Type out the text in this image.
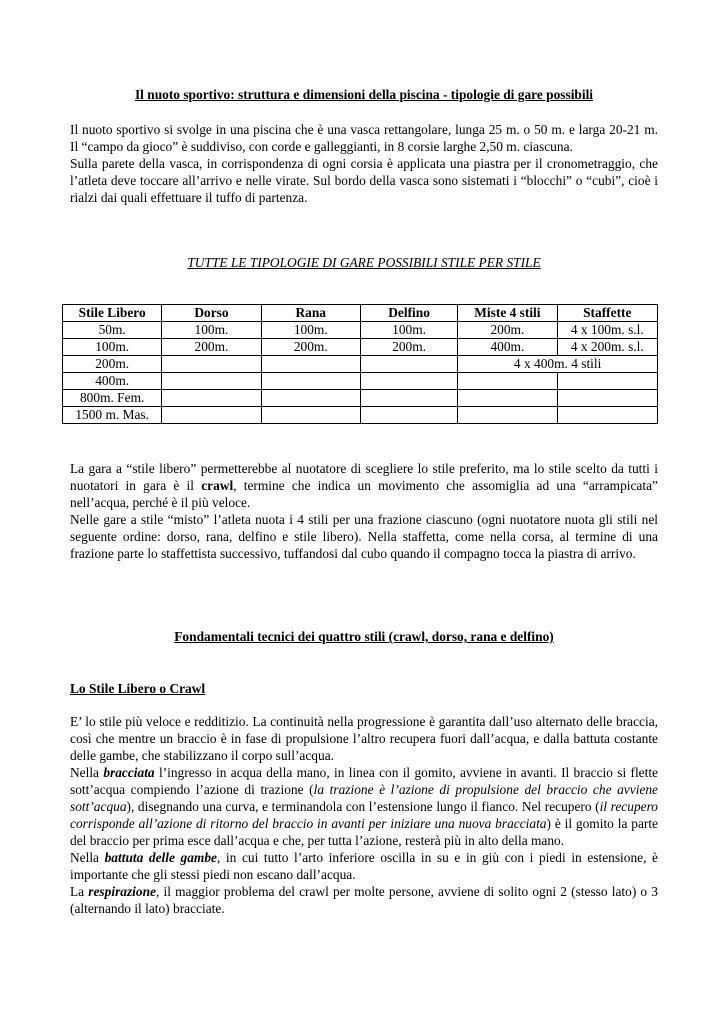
Il nuoto sportivo: struttura e dimensioni della piscina - tipologie di gare possibili

Il nuoto sportivo si svolge in una piscina che è una vasca rettangolare, lunga 25 m. o 50 m. e larga 20-21 m. Il “campo da gioco” è suddiviso, con corde e galleggianti, in 8 corsie larghe 2,50 m. ciascuna.

Sulla parete della vasca, in corrispondenza di ogni corsia è applicata una piastra per il cronometraggio, che l’atleta deve toccare all’arrivo e nelle virate. Sul bordo della vasca sono sistemati i “blocchi” o “cubi”, cioè i rialzi dai quali effettuare il tuffo di partenza.

TUTTE LE TIPOLOGIE DI GARE POSSIBILI STILE PER STILE
Stile Libero	Dorso	Rana	Delfino	Miste 4 stili	Staffette
50m.	100m.	100m.	100m.	200m.	4 x 100m. s.l.
100m.	200m.	200m.	200m.	400m.	4 x 200m. s.l.
200m.				4 x 400m. 4 stili	
400m.					
800m. Fem.					
1500 m. Mas.					

La gara a “stile libero” permetterebbe al nuotatore di scegliere lo stile preferito, ma lo stile scelto da tutti i nuotatori in gara è il crawl, termine che indica un movimento che assomiglia ad una “arrampicata” nell’acqua, perché è il più veloce.

Nelle gare a stile “misto” l’atleta nuota i 4 stili per una frazione ciascuno (ogni nuotatore nuota gli stili nel seguente ordine: dorso, rana, delfino e stile libero). Nella staffetta, come nella corsa, al termine di una frazione parte lo staffettista successivo, tuffandosi dal cubo quando il compagno tocca la piastra di arrivo.

Fondamentali tecnici dei quattro stili (crawl, dorso, rana e delfino)
Lo Stile Libero o Crawl

E’ lo stile più veloce e redditizio. La continuità nella progressione è garantita dall’uso alternato delle braccia, così che mentre un braccio è in fase di propulsione l’altro recupera fuori dall’acqua, e dalla battuta costante delle gambe, che stabilizzano il corpo sull’acqua.

Nella bracciata l’ingresso in acqua della mano, in linea con il gomito, avviene in avanti. Il braccio si flette sott’acqua compiendo l’azione di trazione (la trazione è l’azione di propulsione del braccio che avviene sott’acqua), disegnando una curva, e terminandola con l’estensione lungo il fianco. Nel recupero (il recupero corrisponde all’azione di ritorno del braccio in avanti per iniziare una nuova bracciata) è il gomito la parte del braccio per prima esce dall’acqua e che, per tutta l’azione, resterà più in alto della mano.

Nella battuta delle gambe, in cui tutto l’arto inferiore oscilla in su e in giù con i piedi in estensione, è importante che gli stessi piedi non escano dall’acqua.

La respirazione, il maggior problema del crawl per molte persone, avviene di solito ogni 2 (stesso lato) o 3 (alternando il lato) bracciate.
